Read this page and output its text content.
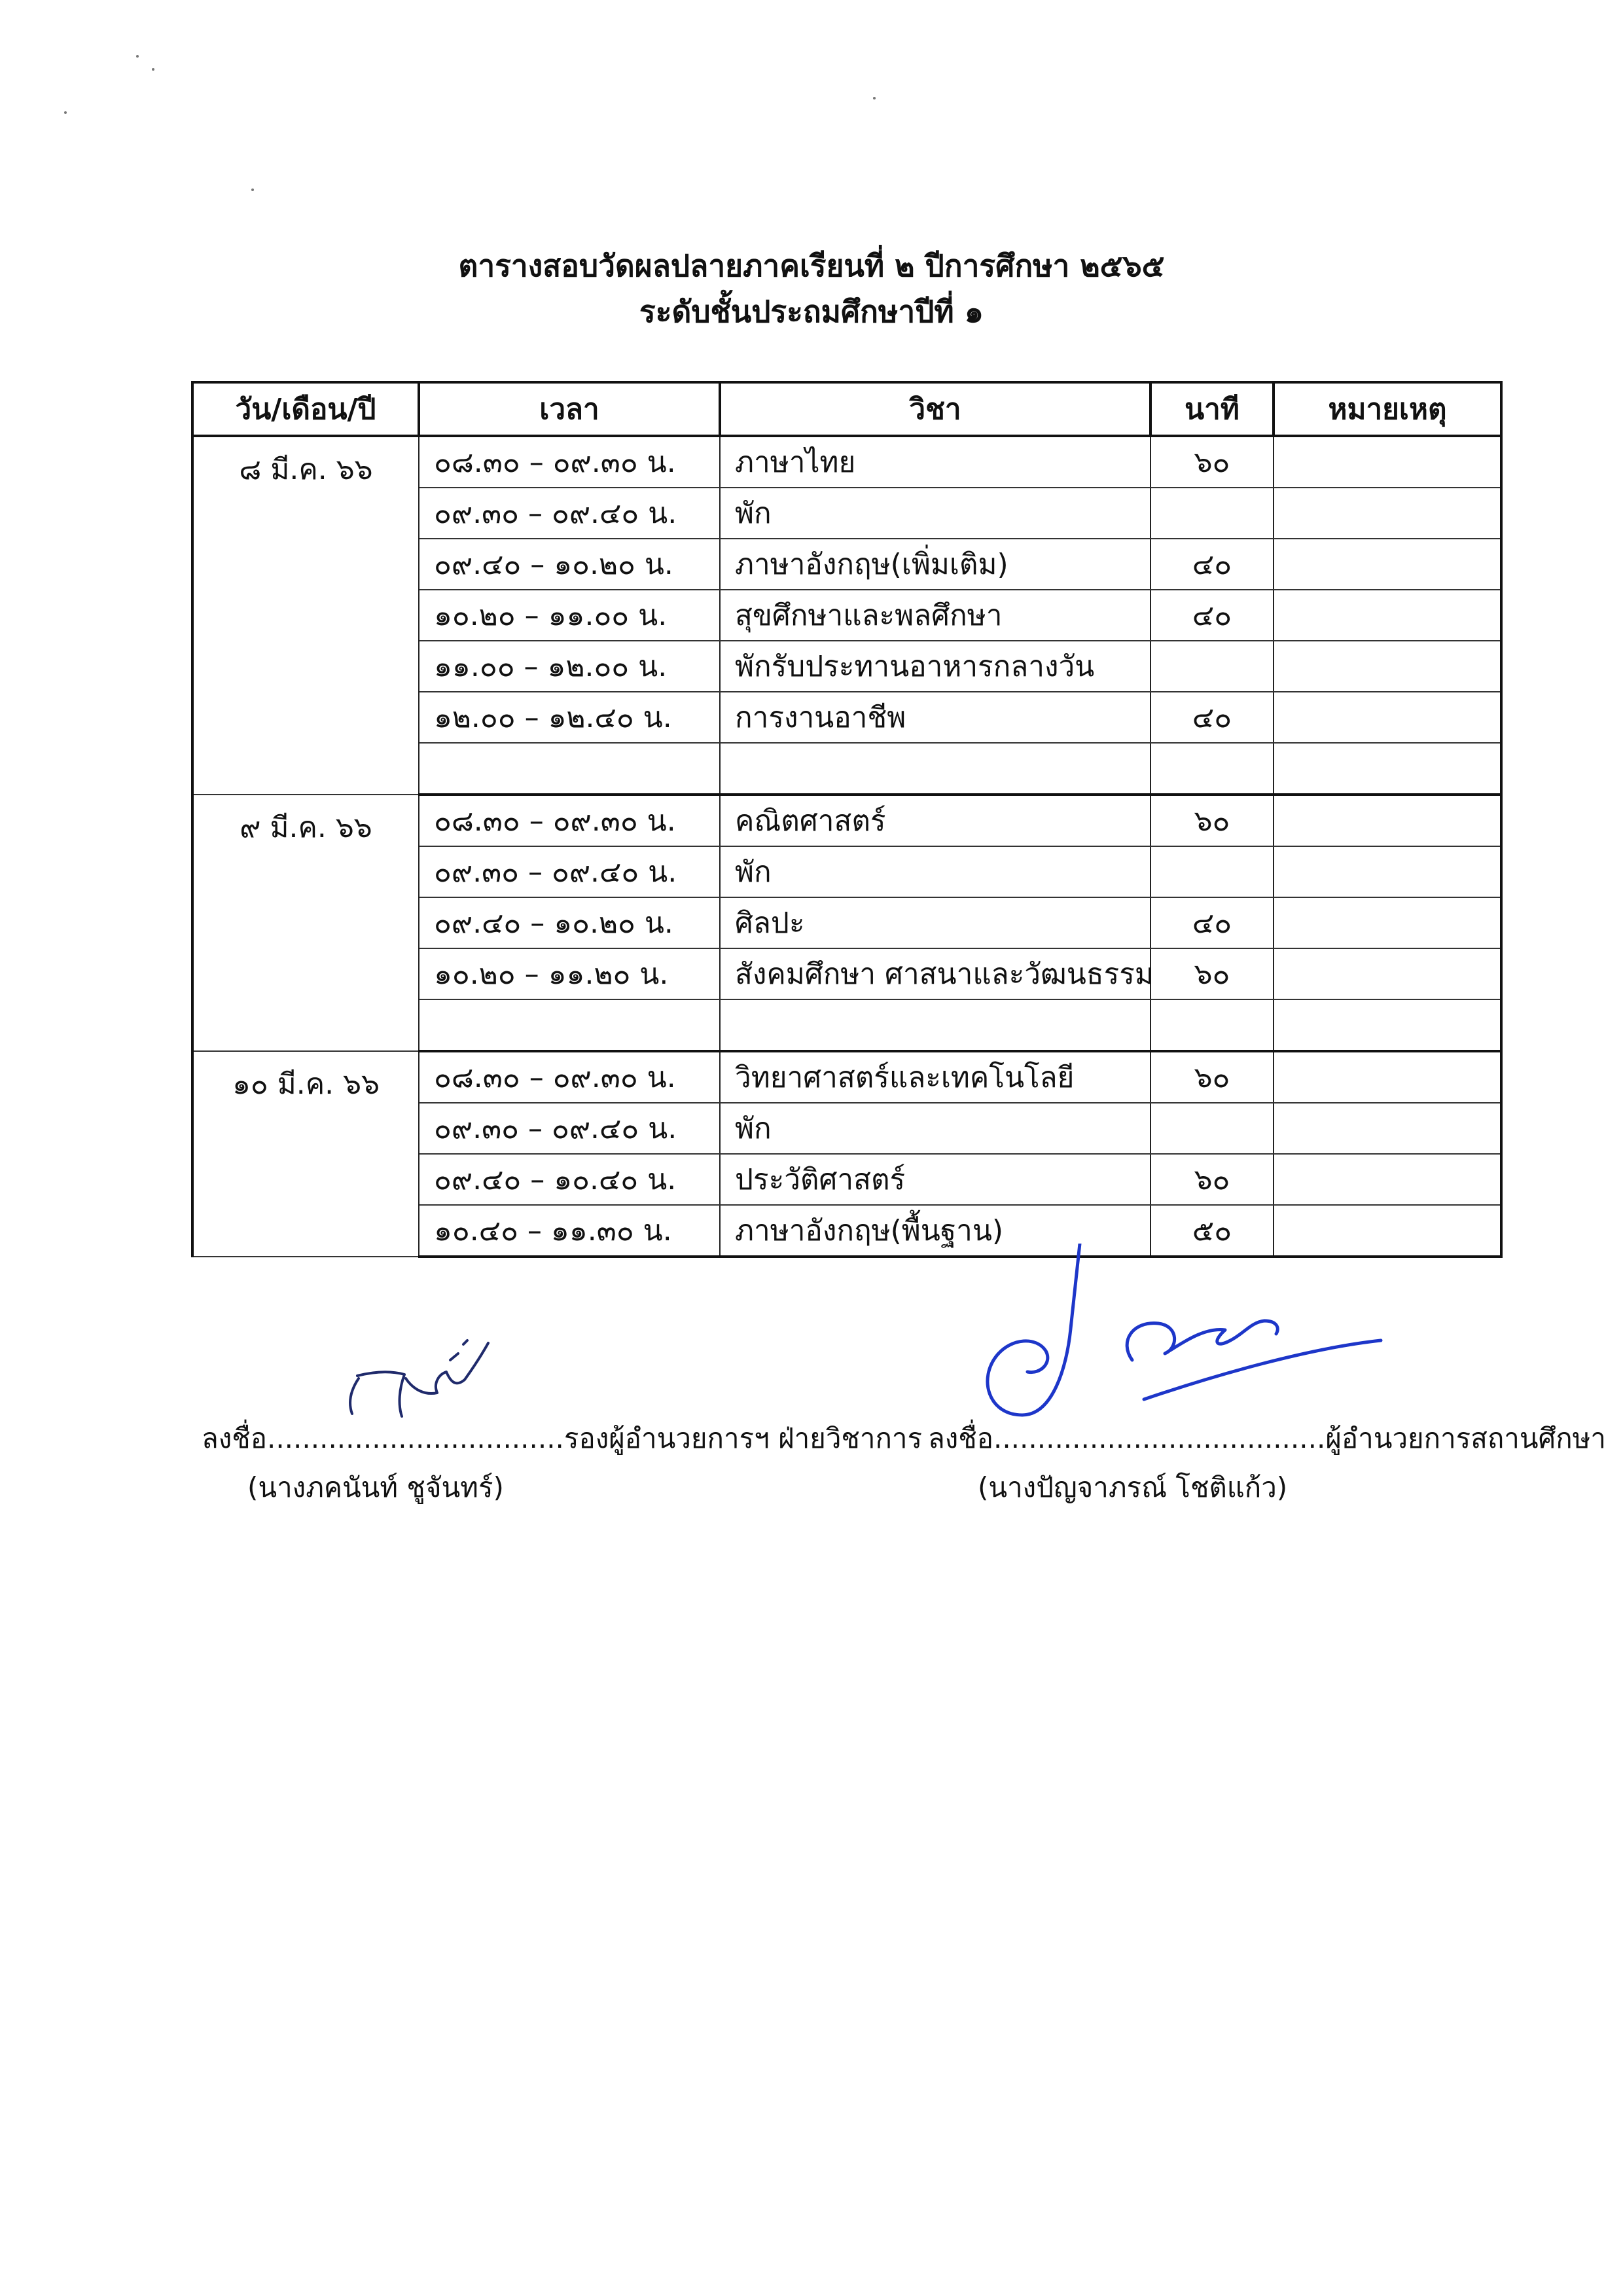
ตารางสอบวัดผลปลายภาคเรียนที่ ๒ ปีการศึกษา ๒๕๖๕
ระดับชั้นประถมศึกษาปีที่ ๑
วัน/เดือน/ปี	เวลา	วิชา	นาที	หมายเหตุ
๘ มี.ค. ๖๖	๐๘.๓๐ – ๐๙.๓๐ น.	ภาษาไทย	๖๐	
	๐๙.๓๐ – ๐๙.๔๐ น.	พัก		
	๐๙.๔๐ – ๑๐.๒๐ น.	ภาษาอังกฤษ(เพิ่มเติม)	๔๐	
	๑๐.๒๐ – ๑๑.๐๐ น.	สุขศึกษาและพลศึกษา	๔๐	
	๑๑.๐๐ – ๑๒.๐๐ น.	พักรับประทานอาหารกลางวัน		
	๑๒.๐๐ – ๑๒.๔๐ น.	การงานอาชีพ	๔๐	

๙ มี.ค. ๖๖	๐๘.๓๐ – ๐๙.๓๐ น.	คณิตศาสตร์	๖๐	
	๐๙.๓๐ – ๐๙.๔๐ น.	พัก		
	๐๙.๔๐ – ๑๐.๒๐ น.	ศิลปะ	๔๐	
	๑๐.๒๐ – ๑๑.๒๐ น.	สังคมศึกษา ศาสนาและวัฒนธรรม	๖๐	

๑๐ มี.ค. ๖๖	๐๘.๓๐ – ๐๙.๓๐ น.	วิทยาศาสตร์และเทคโนโลยี	๖๐	
	๐๙.๓๐ – ๐๙.๔๐ น.	พัก		
	๐๙.๔๐ – ๑๐.๔๐ น.	ประวัติศาสตร์	๖๐	
	๑๐.๔๐ – ๑๑.๓๐ น.	ภาษาอังกฤษ(พื้นฐาน)	๕๐	
ลงชื่อ..................................รองผู้อำนวยการฯ ฝ่ายวิชาการ
(นางภคนันท์ ชูจันทร์)
ลงชื่อ......................................ผู้อำนวยการสถานศึกษา
(นางปัญจาภรณ์ โชติแก้ว)
